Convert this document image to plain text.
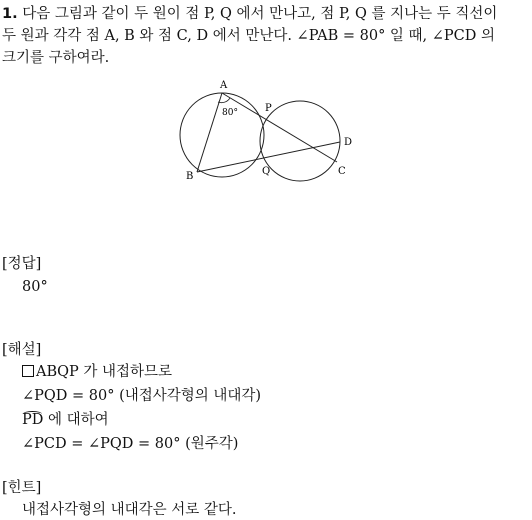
1. 다음 그림과 같이 두 원이 점 P, Q 에서 만나고, 점 P, Q 를 지나는 두 직선이
두 원과 각각 점 A, B 와 점 C, D 에서 만난다. ∠PAB = 80° 일 때, ∠PCD 의
크기를 구하여라.
A
P
D
B	Q	C
80°
[정답]
80°
[해설]
ABQP 가 내접하므로
∠PQD = 80° (내접사각형의 내대각)
PD 에 대하여
∠PCD = ∠PQD = 80° (원주각)
[힌트]
내접사각형의 내대각은 서로 같다.
